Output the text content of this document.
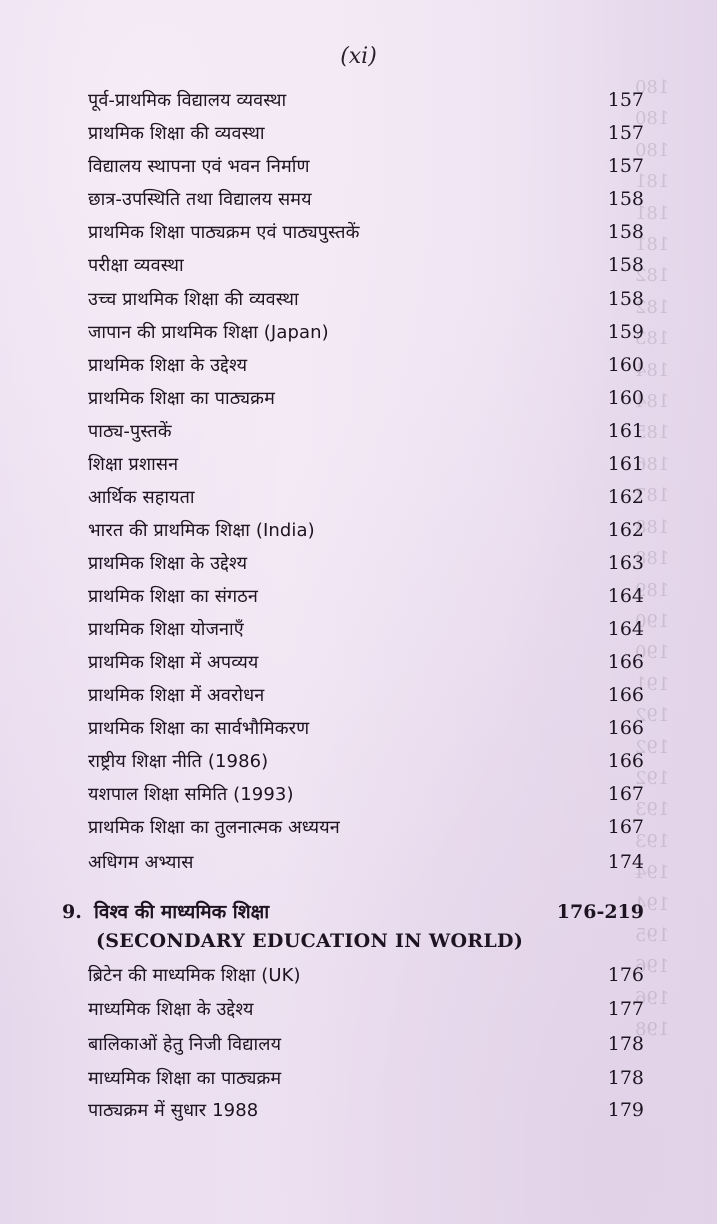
180
180
180
181
181
181
182
182
183
184
184
185
186
187
188
188
189
190
190
191
192
192
192
193
193
194
194
195
196
196
198
(xi)
पूर्व-प्राथमिक विद्यालय व्यवस्था	157
प्राथमिक शिक्षा की व्यवस्था	157
विद्यालय स्थापना एवं भवन निर्माण	157
छात्र-उपस्थिति तथा विद्यालय समय	158
प्राथमिक शिक्षा पाठ्यक्रम एवं पाठ्यपुस्तकें	158
परीक्षा व्यवस्था	158
उच्च प्राथमिक शिक्षा की व्यवस्था	158
जापान की प्राथमिक शिक्षा (Japan)	159
प्राथमिक शिक्षा के उद्देश्य	160
प्राथमिक शिक्षा का पाठ्यक्रम	160
पाठ्य-पुस्तकें	161
शिक्षा प्रशासन	161
आर्थिक सहायता	162
भारत की प्राथमिक शिक्षा (India)	162
प्राथमिक शिक्षा के उद्देश्य	163
प्राथमिक शिक्षा का संगठन	164
प्राथमिक शिक्षा योजनाएँ	164
प्राथमिक शिक्षा में अपव्यय	166
प्राथमिक शिक्षा में अवरोधन	166
प्राथमिक शिक्षा का सार्वभौमिकरण	166
राष्ट्रीय शिक्षा नीति (1986)	166
यशपाल शिक्षा समिति (1993)	167
प्राथमिक शिक्षा का तुलनात्मक अध्ययन	167
अधिगम अभ्यास	174
9. विश्व की माध्यमिक शिक्षा	176-219
(SECONDARY EDUCATION IN WORLD)
ब्रिटेन की माध्यमिक शिक्षा (UK)	176
माध्यमिक शिक्षा के उद्देश्य	177
बालिकाओं हेतु निजी विद्यालय	178
माध्यमिक शिक्षा का पाठ्यक्रम	178
पाठ्यक्रम में सुधार 1988	179
